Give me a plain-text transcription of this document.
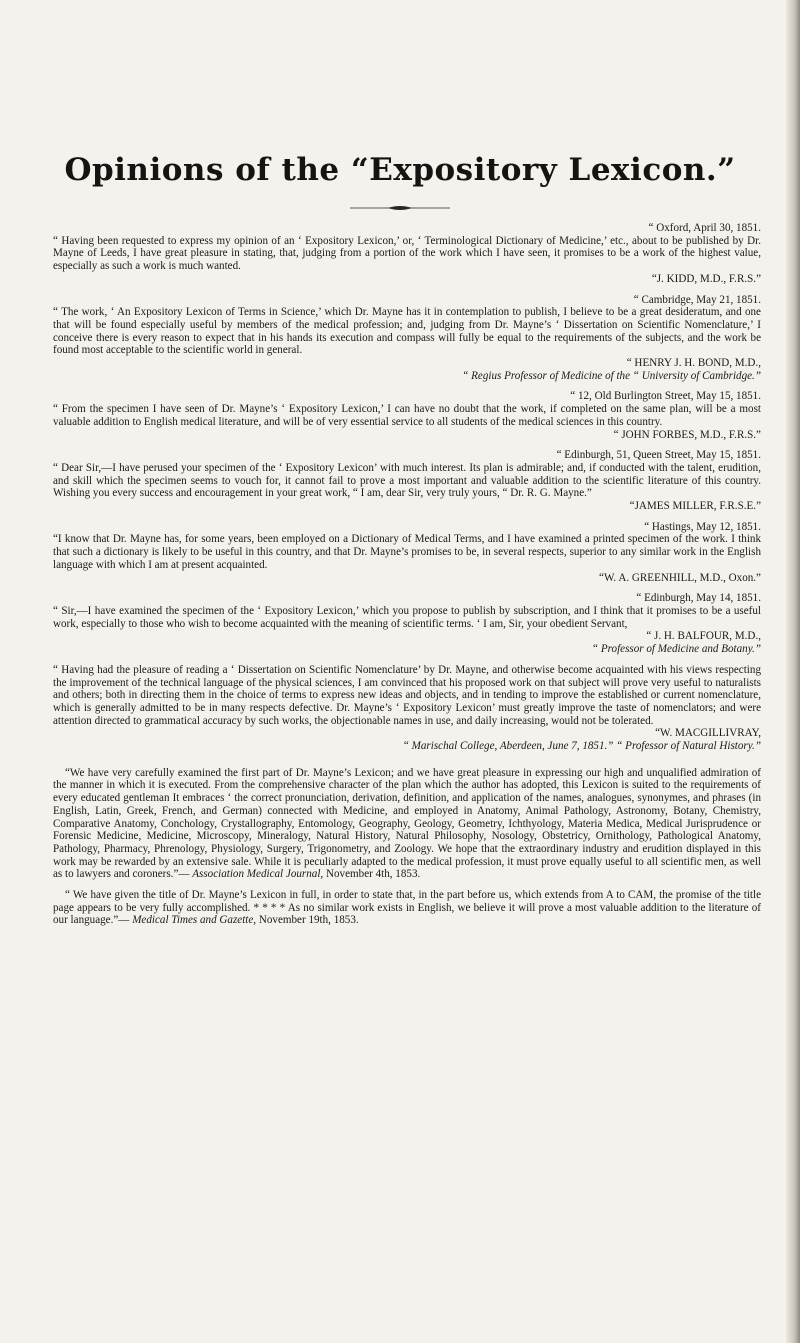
Opinions of the “Expository Lexicon.”

“ Oxford, April 30, 1851.

“ Having been requested to express my opinion of an ‘ Expository Lexicon,’ or, ‘ Terminological Dictionary of Medicine,’ etc., about to be published by Dr. Mayne of Leeds, I have great pleasure in stating, that, judging from a portion of the work which I have seen, it promises to be a work of the highest value, especially as such a work is much wanted.

“J. KIDD, M.D., F.R.S.”

“ Cambridge, May 21, 1851.

“ The work, ‘ An Expository Lexicon of Terms in Science,’ which Dr. Mayne has it in contemplation to publish, I believe to be a great desideratum, and one that will be found especially useful by members of the medical profession; and, judging from Dr. Mayne’s ‘ Dissertation on Scientific Nomenclature,’ I conceive there is every reason to expect that in his hands its execution and compass will fully be equal to the requirements of the subjects, and the work be found most acceptable to the scientific world in general.

“ HENRY J. H. BOND, M.D.,

“ Regius Professor of Medicine of the “ University of Cambridge.”

“ 12, Old Burlington Street, May 15, 1851.

“ From the specimen I have seen of Dr. Mayne’s ‘ Expository Lexicon,’ I can have no doubt that the work, if completed on the same plan, will be a most valuable addition to English medical literature, and will be of very essential service to all students of the medical sciences in this country.

“ JOHN FORBES, M.D., F.R.S.”

“ Edinburgh, 51, Queen Street, May 15, 1851.

“ Dear Sir,—I have perused your specimen of the ‘ Expository Lexicon’ with much interest. Its plan is admirable; and, if conducted with the talent, erudition, and skill which the specimen seems to vouch for, it cannot fail to prove a most important and valuable addition to the scientific literature of this country. Wishing you every success and encouragement in your great work, “ I am, dear Sir, very truly yours, “ Dr. R. G. Mayne.”

“JAMES MILLER, F.R.S.E.”

“ Hastings, May 12, 1851.

“I know that Dr. Mayne has, for some years, been employed on a Dictionary of Medical Terms, and I have examined a printed specimen of the work. I think that such a dictionary is likely to be useful in this country, and that Dr. Mayne’s promises to be, in several respects, superior to any similar work in the English language with which I am at present acquainted.

“W. A. GREENHILL, M.D., Oxon.”

“ Edinburgh, May 14, 1851.

“ Sir,—I have examined the specimen of the ‘ Expository Lexicon,’ which you propose to publish by subscription, and I think that it promises to be a useful work, especially to those who wish to become acquainted with the meaning of scientific terms. ‘ I am, Sir, your obedient Servant,

“ J. H. BALFOUR, M.D.,

“ Professor of Medicine and Botany.”

“ Having had the pleasure of reading a ‘ Dissertation on Scientific Nomenclature’ by Dr. Mayne, and otherwise become acquainted with his views respecting the improvement of the technical language of the physical sciences, I am convinced that his proposed work on that subject will prove very useful to naturalists and others; both in directing them in the choice of terms to express new ideas and objects, and in tending to improve the established or current nomenclature, which is generally admitted to be in many respects defective. Dr. Mayne’s ‘ Expository Lexicon’ must greatly improve the taste of nomenclators; and were attention directed to grammatical accuracy by such works, the objectionable names in use, and daily increasing, would not be tolerated.

“W. MACGILLIVRAY,

“ Marischal College, Aberdeen, June 7, 1851.” “ Professor of Natural History.”

“We have very carefully examined the first part of Dr. Mayne’s Lexicon; and we have great pleasure in expressing our high and unqualified admiration of the manner in which it is executed. From the comprehensive character of the plan which the author has adopted, this Lexicon is suited to the requirements of every educated gentleman It embraces ‘ the correct pronunciation, derivation, definition, and application of the names, analogues, synonymes, and phrases (in English, Latin, Greek, French, and German) connected with Medicine, and employed in Anatomy, Animal Pathology, Astronomy, Botany, Chemistry, Comparative Anatomy, Conchology, Crystallography, Entomology, Geography, Geology, Geometry, Ichthyology, Materia Medica, Medical Jurisprudence or Forensic Medicine, Medicine, Microscopy, Mineralogy, Natural History, Natural Philosophy, Nosology, Obstetricy, Ornithology, Pathological Anatomy, Pathology, Pharmacy, Phrenology, Physiology, Surgery, Trigonometry, and Zoology. We hope that the extraordinary industry and erudition displayed in this work may be rewarded by an extensive sale. While it is peculiarly adapted to the medical profession, it must prove equally useful to all scientific men, as well as to lawyers and coroners.”— Association Medical Journal, November 4th, 1853.

“ We have given the title of Dr. Mayne’s Lexicon in full, in order to state that, in the part before us, which extends from A to CAM, the promise of the title page appears to be very fully accomplished. * * * * As no similar work exists in English, we believe it will prove a most valuable addition to the literature of our language.”— Medical Times and Gazette, November 19th, 1853.
